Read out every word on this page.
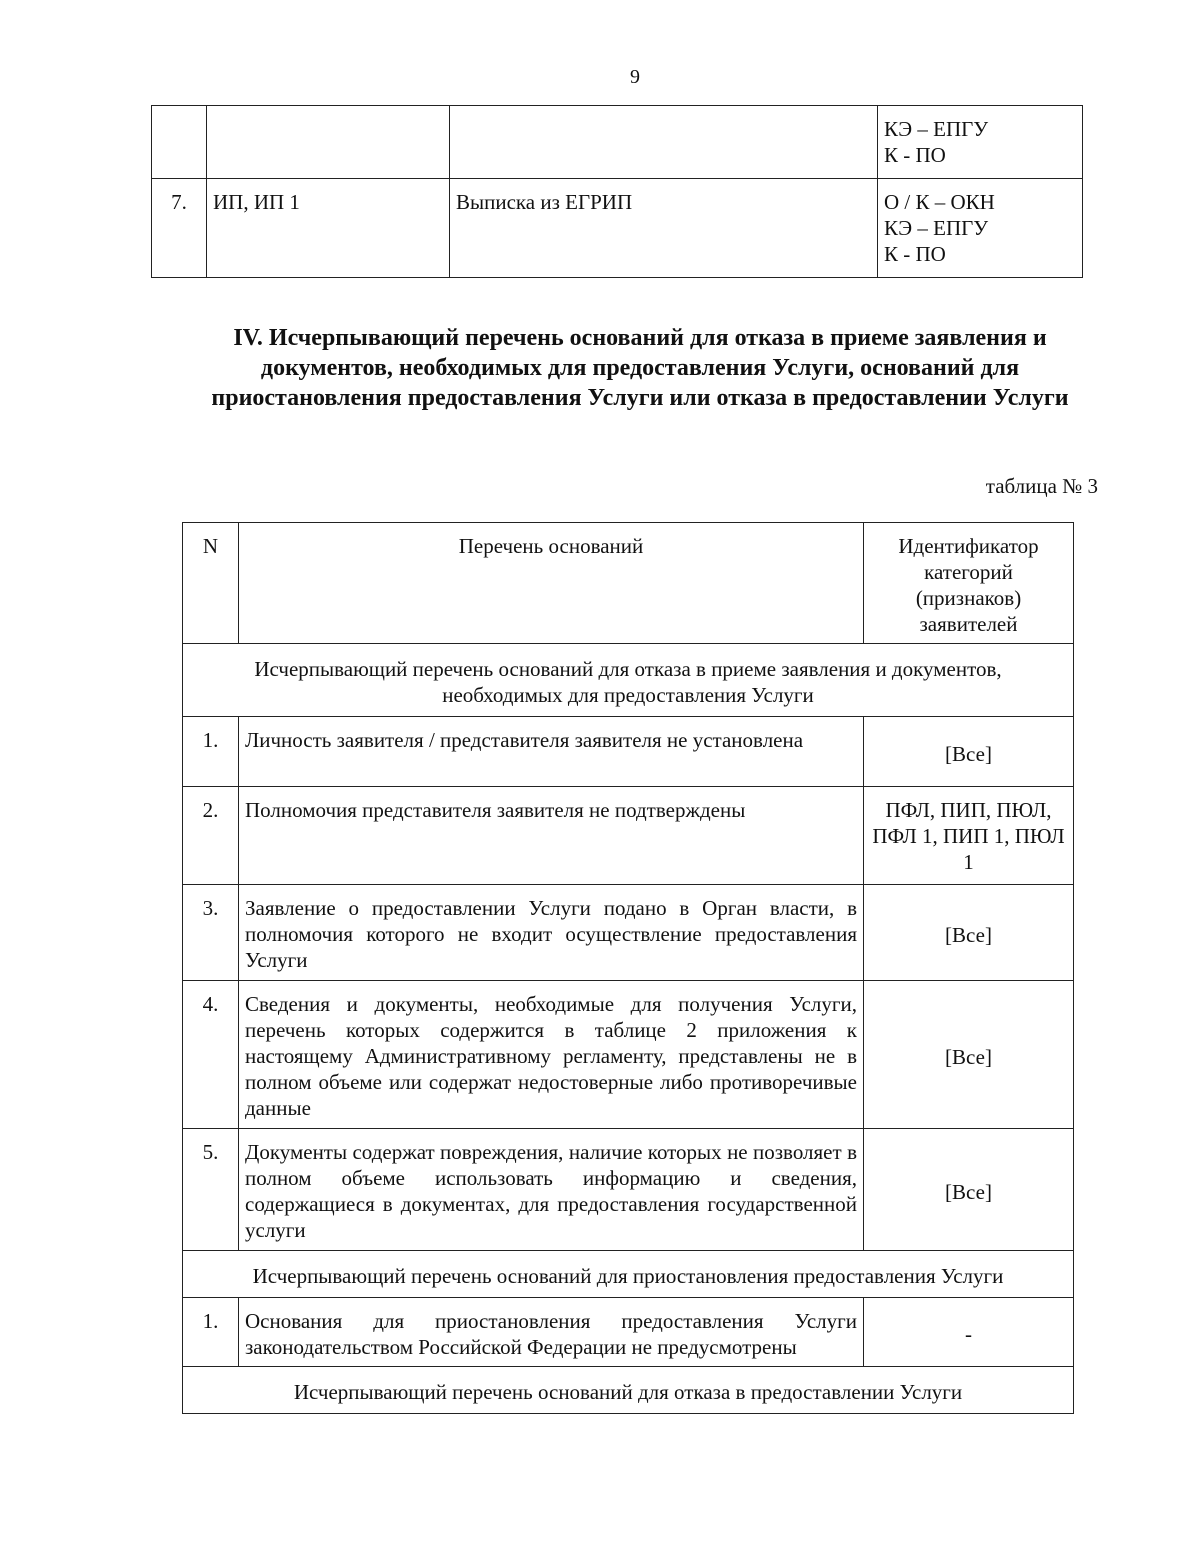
9

			КЭ – ЕПГУ
К - ПО

7.	ИП, ИП 1	Выписка из ЕГРИП	О / К – ОКН
КЭ – ЕПГУ
К - ПО
IV. Исчерпывающий перечень оснований для отказа в приеме заявления и документов, необходимых для предоставления Услуги, оснований для приостановления предоставления Услуги или отказа в предоставлении Услуги
таблица № 3
N	Перечень оснований	Идентификатор категорий (признаков) заявителей
Исчерпывающий перечень оснований для отказа в приеме заявления и документов, необходимых для предоставления Услуги		
1.	Личность заявителя / представителя заявителя не установлена	[Все]
2.	Полномочия представителя заявителя не подтверждены	ПФЛ, ПИП, ПЮЛ, ПФЛ 1, ПИП 1, ПЮЛ 1
3.	Заявление о предоставлении Услуги подано в Орган власти, в полномочия которого не входит осуществление предоставления Услуги	[Все]
4.	Сведения и документы, необходимые для получения Услуги, перечень которых содержится в таблице 2 приложения к настоящему Административному регламенту, представлены не в полном объеме или содержат недостоверные либо противоречивые данные	[Все]
5.	Документы содержат повреждения, наличие которых не позволяет в полном объеме использовать информацию и сведения, содержащиеся в документах, для предоставления государственной услуги	[Все]
Исчерпывающий перечень оснований для приостановления предоставления Услуги		
1.	Основания для приостановления предоставления Услуги законодательством Российской Федерации не предусмотрены	-
Исчерпывающий перечень оснований для отказа в предоставлении Услуги		
